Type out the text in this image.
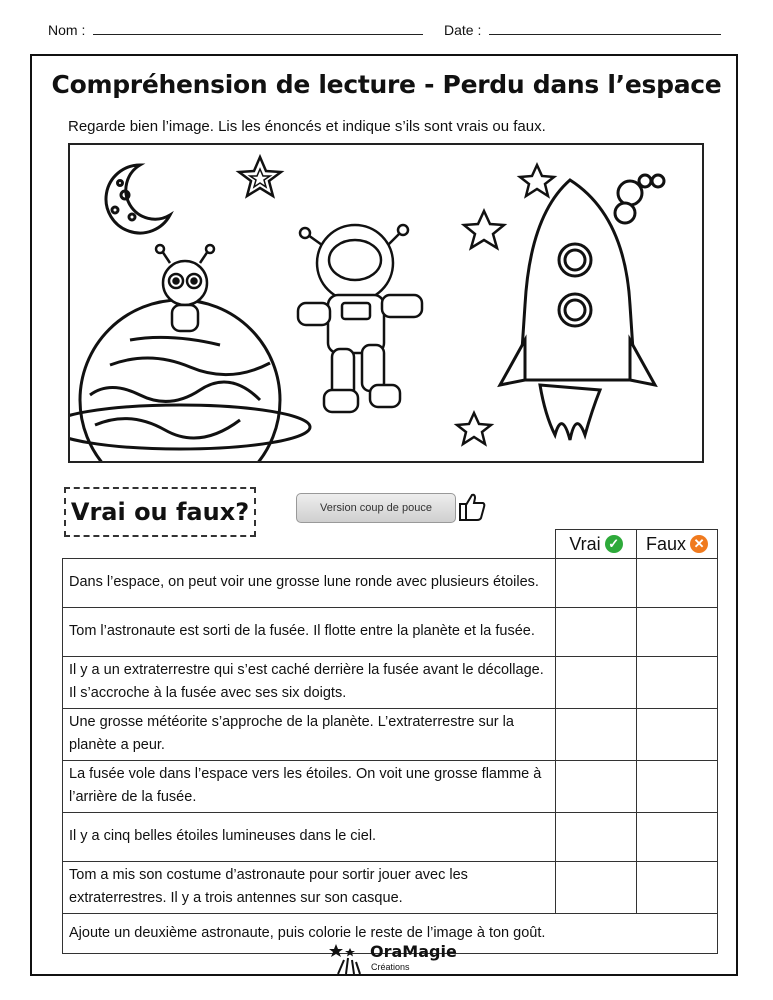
Nom :	Date :
Compréhension de lecture - Perdu dans l’espace
Regarde bien l’image. Lis les énoncés et indique s’ils sont vrais ou faux.
Vrai ou faux?	Version coup de pouce

	Vrai ✓	Faux ✕

Dans l’espace, on peut voir une grosse lune ronde avec plusieurs étoiles.		
Tom l’astronaute est sorti de la fusée. Il flotte entre la planète et la fusée.		
Il y a un extraterrestre qui s’est caché derrière la fusée avant le décollage. Il s’accroche à la fusée avec ses six doigts.		
Une grosse météorite s’approche de la planète. L’extraterrestre sur la planète a peur.		
La fusée vole dans l’espace vers les étoiles. On voit une grosse flamme à l’arrière de la fusée.		
Il y a cinq belles étoiles lumineuses dans le ciel.		
Tom a mis son costume d’astronaute pour sortir jouer avec les extraterrestres. Il y a trois antennes sur son casque.		
Ajoute un deuxième astronaute, puis colorie le reste de l’image à ton goût.		
OraMagie
Créations
